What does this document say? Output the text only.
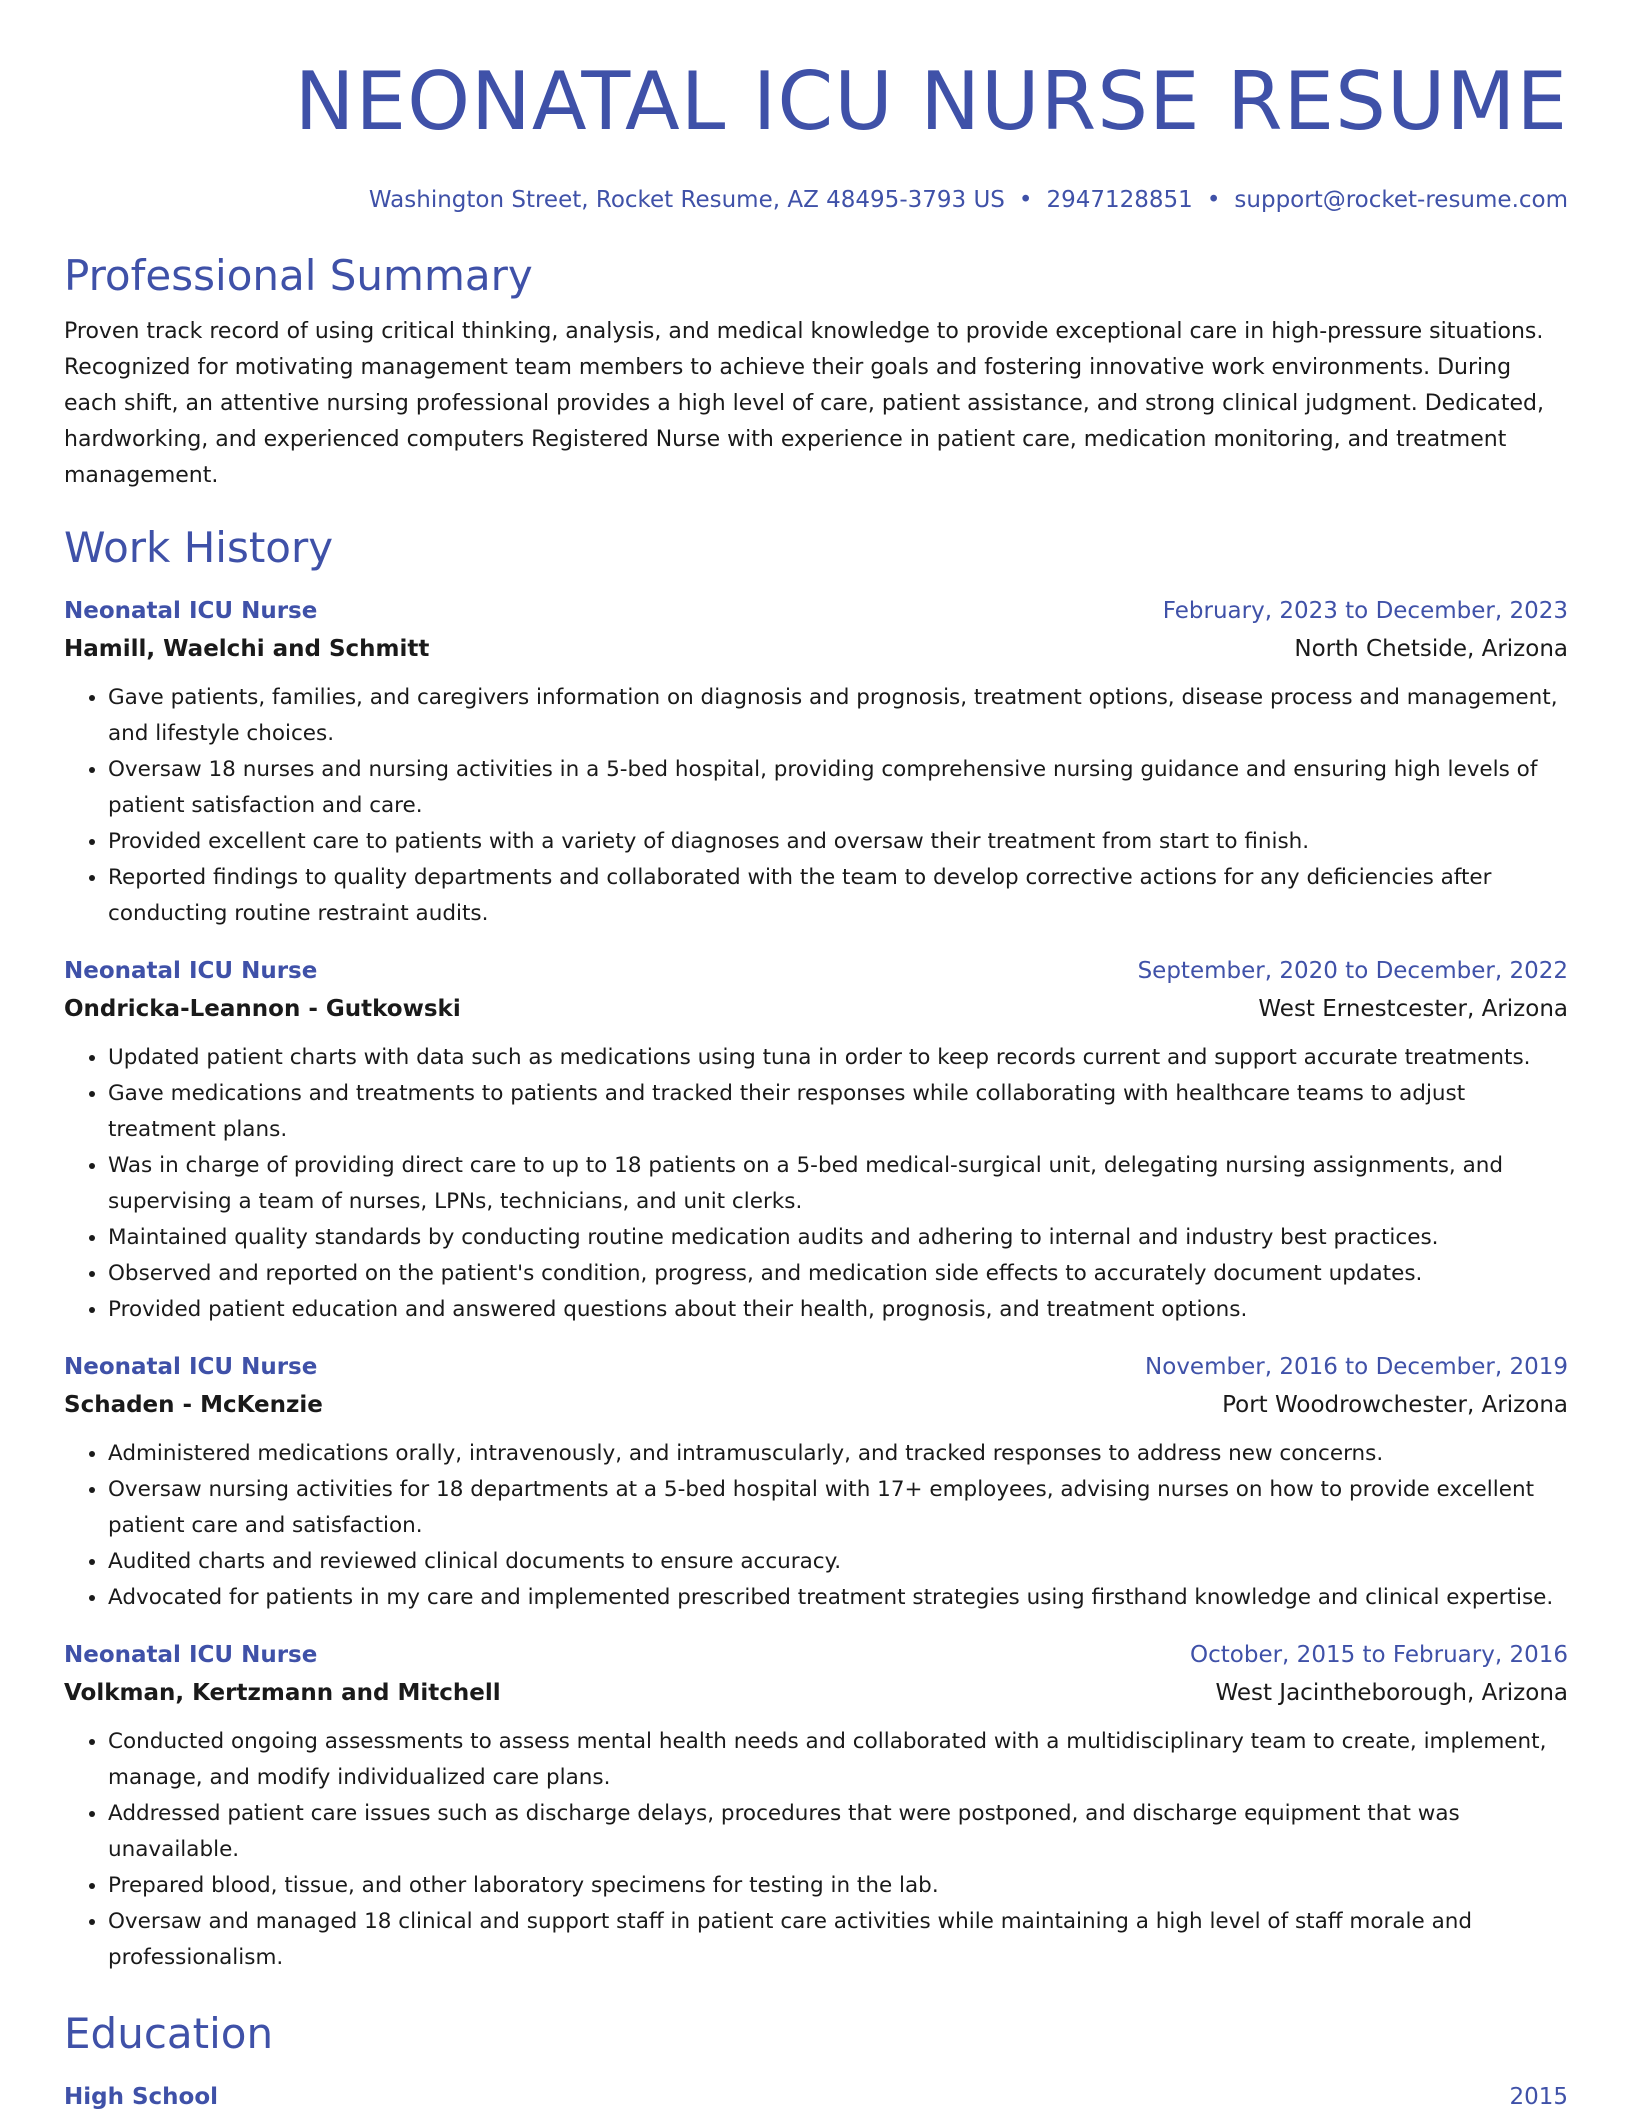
NEONATAL ICU NURSE RESUME
Washington Street, Rocket Resume, AZ 48495-3793 US • 2947128851 • support@rocket-resume.com
Professional Summary
Proven track record of using critical thinking, analysis, and medical knowledge to provide exceptional care in high-pressure situations. Recognized for motivating management team members to achieve their goals and fostering innovative work environments. During each shift, an attentive nursing professional provides a high level of care, patient assistance, and strong clinical judgment. Dedicated, hardworking, and experienced computers Registered Nurse with experience in patient care, medication monitoring, and treatment management.
Work History
Neonatal ICU Nurse	February, 2023 to December, 2023
Hamill, Waelchi and Schmitt	North Chetside, Arizona
• Gave patients, families, and caregivers information on diagnosis and prognosis, treatment options, disease process and management, and lifestyle choices.
• Oversaw 18 nurses and nursing activities in a 5-bed hospital, providing comprehensive nursing guidance and ensuring high levels of patient satisfaction and care.
• Provided excellent care to patients with a variety of diagnoses and oversaw their treatment from start to finish.
• Reported findings to quality departments and collaborated with the team to develop corrective actions for any deficiencies after conducting routine restraint audits.
Neonatal ICU Nurse	September, 2020 to December, 2022
Ondricka-Leannon - Gutkowski	West Ernestcester, Arizona
• Updated patient charts with data such as medications using tuna in order to keep records current and support accurate treatments.
• Gave medications and treatments to patients and tracked their responses while collaborating with healthcare teams to adjust treatment plans.
• Was in charge of providing direct care to up to 18 patients on a 5-bed medical-surgical unit, delegating nursing assignments, and supervising a team of nurses, LPNs, technicians, and unit clerks.
• Maintained quality standards by conducting routine medication audits and adhering to internal and industry best practices.
• Observed and reported on the patient's condition, progress, and medication side effects to accurately document updates.
• Provided patient education and answered questions about their health, prognosis, and treatment options.
Neonatal ICU Nurse	November, 2016 to December, 2019
Schaden - McKenzie	Port Woodrowchester, Arizona
• Administered medications orally, intravenously, and intramuscularly, and tracked responses to address new concerns.
• Oversaw nursing activities for 18 departments at a 5-bed hospital with 17+ employees, advising nurses on how to provide excellent patient care and satisfaction.
• Audited charts and reviewed clinical documents to ensure accuracy.
• Advocated for patients in my care and implemented prescribed treatment strategies using firsthand knowledge and clinical expertise.
Neonatal ICU Nurse	October, 2015 to February, 2016
Volkman, Kertzmann and Mitchell	West Jacintheborough, Arizona
• Conducted ongoing assessments to assess mental health needs and collaborated with a multidisciplinary team to create, implement, manage, and modify individualized care plans.
• Addressed patient care issues such as discharge delays, procedures that were postponed, and discharge equipment that was unavailable.
• Prepared blood, tissue, and other laboratory specimens for testing in the lab.
• Oversaw and managed 18 clinical and support staff in patient care activities while maintaining a high level of staff morale and professionalism.
Education
High School	2015
